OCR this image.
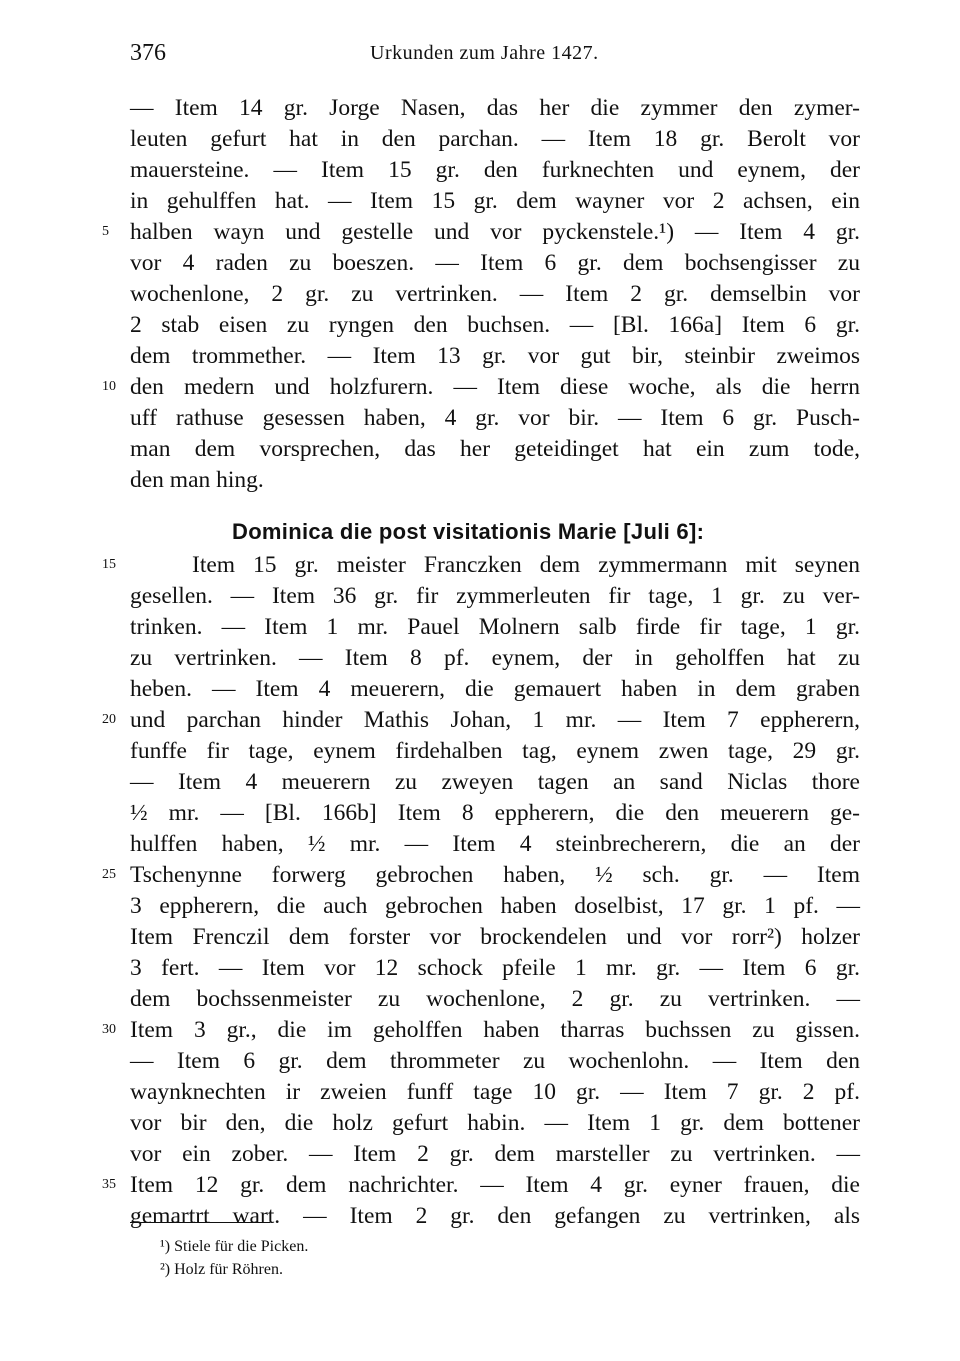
376	Urkunden zum Jahre 1427.
— Item 14 gr. Jorge Nasen, das her die zymmer den zymer-
leuten gefurt hat in den parchan. — Item 18 gr. Berolt vor
mauersteine. — Item 15 gr. den furknechten und eynem, der
in gehulffen hat. — Item 15 gr. dem wayner vor 2 achsen, ein
halben wayn und gestelle und vor pyckenstele.¹) — Item 4 gr.
vor 4 raden zu boeszen. — Item 6 gr. dem bochsengisser zu
wochenlone, 2 gr. zu vertrinken. — Item 2 gr. demselbin vor
2 stab eisen zu ryngen den buchsen. — [Bl. 166a] Item 6 gr.
dem trommether. — Item 13 gr. vor gut bir, steinbir zweimos
den medern und holzfurern. — Item diese woche, als die herrn
uff rathuse gesessen haben, 4 gr. vor bir. — Item 6 gr. Pusch-
man dem vorsprechen, das her geteidinget hat ein zum tode,
den man hing.
Dominica die post visitationis Marie [Juli 6]:
Item 15 gr. meister Franczken dem zymmermann mit seynen
gesellen. — Item 36 gr. fir zymmerleuten fir tage, 1 gr. zu ver-
trinken. — Item 1 mr. Pauel Molnern salb firde fir tage, 1 gr.
zu vertrinken. — Item 8 pf. eynem, der in geholffen hat zu
heben. — Item 4 meuerern, die gemauert haben in dem graben
und parchan hinder Mathis Johan, 1 mr. — Item 7 eppherern,
funffe fir tage, eynem firdehalben tag, eynem zwen tage, 29 gr.
— Item 4 meuerern zu zweyen tagen an sand Niclas thore
½ mr. — [Bl. 166b] Item 8 eppherern, die den meuerern ge-
hulffen haben, ½ mr. — Item 4 steinbrecherern, die an der
Tschenynne forwerg gebrochen haben, ½ sch. gr. — Item
3 eppherern, die auch gebrochen haben doselbist, 17 gr. 1 pf. —
Item Frenczil dem forster vor brockendelen und vor rorr²) holzer
3 fert. — Item vor 12 schock pfeile 1 mr. gr. — Item 6 gr.
dem bochssenmeister zu wochenlone, 2 gr. zu vertrinken. —
Item 3 gr., die im geholffen haben tharras buchssen zu gissen.
— Item 6 gr. dem thrommeter zu wochenlohn. — Item den
waynknechten ir zweien funff tage 10 gr. — Item 7 gr. 2 pf.
vor bir den, die holz gefurt habin. — Item 1 gr. dem bottener
vor ein zober. — Item 2 gr. dem marsteller zu vertrinken. —
Item 12 gr. dem nachrichter. — Item 4 gr. eyner frauen, die
gemartrt wart. — Item 2 gr. den gefangen zu vertrinken, als
5
10
15
20
25
30
35
¹) Stiele für die Picken.
²) Holz für Röhren.
